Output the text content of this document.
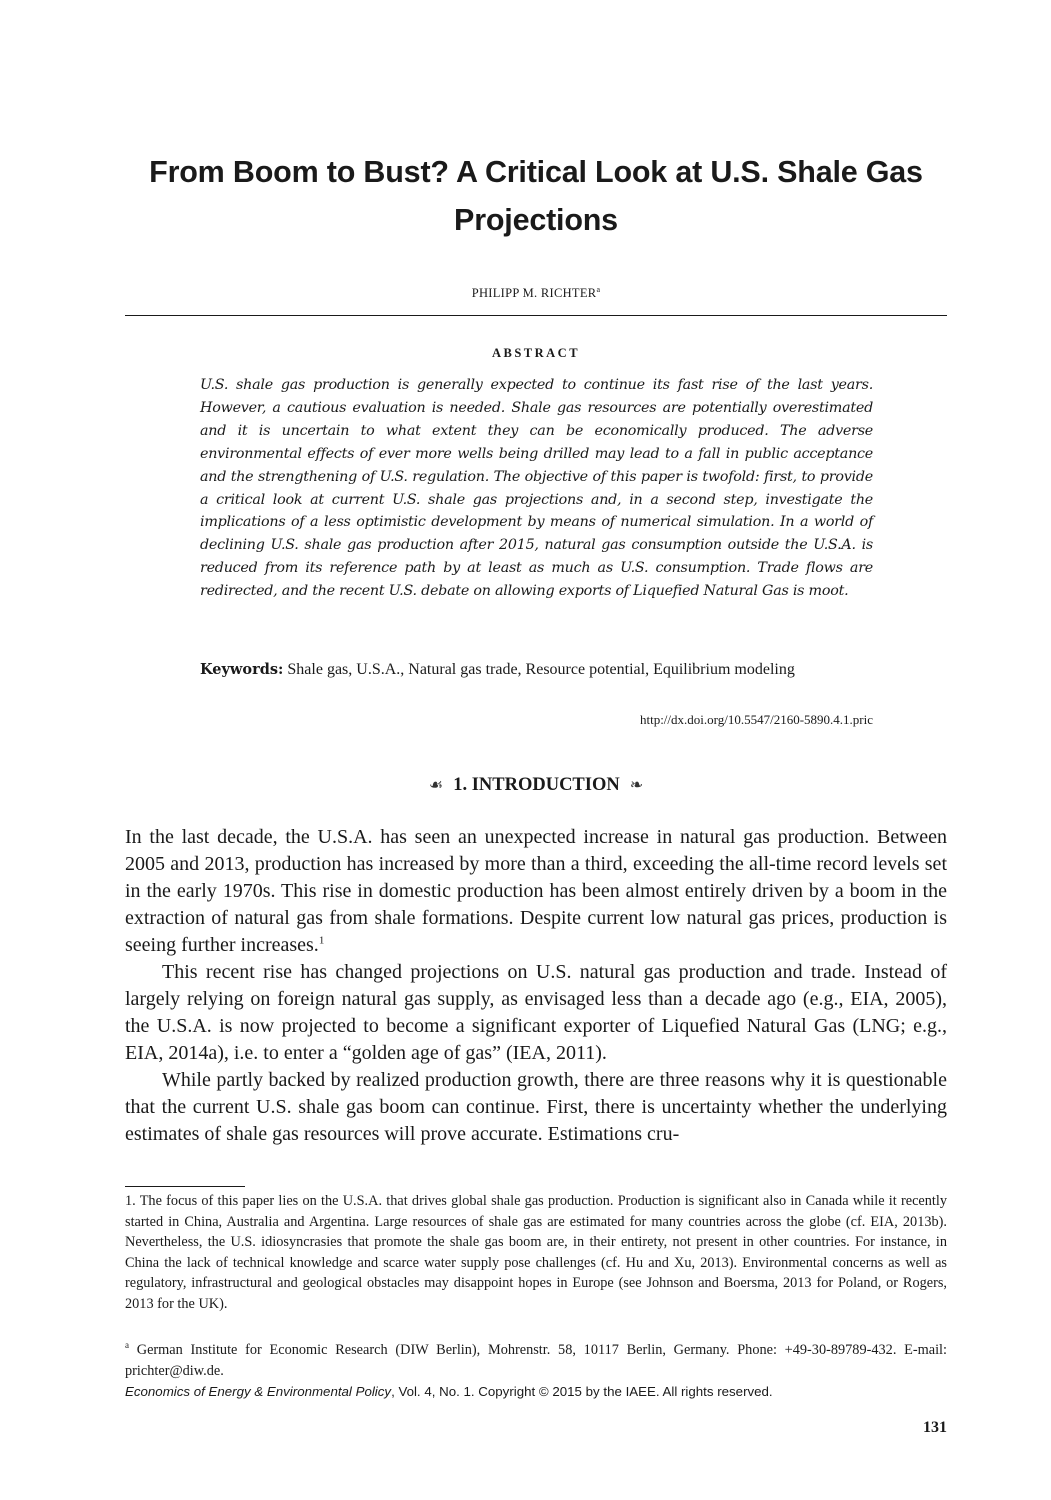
From Boom to Bust? A Critical Look at U.S. Shale Gas Projections
PHILIPP M. RICHTER$^a$
ABSTRACT

U.S. shale gas production is generally expected to continue its fast rise of the last years. However, a cautious evaluation is needed. Shale gas resources are potentially overestimated and it is uncertain to what extent they can be economically produced. The adverse environmental effects of ever more wells being drilled may lead to a fall in public acceptance and the strengthening of U.S. regulation. The objective of this paper is twofold: first, to provide a critical look at current U.S. shale gas projections and, in a second step, investigate the implications of a less optimistic development by means of numerical simulation. In a world of declining U.S. shale gas production after 2015, natural gas consumption outside the U.S.A. is reduced from its reference path by at least as much as U.S. consumption. Trade flows are redirected, and the recent U.S. debate on allowing exports of Liquefied Natural Gas is moot.

Keywords: Shale gas, U.S.A., Natural gas trade, Resource potential, Equilibrium modeling

http://dx.doi.org/10.5547/2160-5890.4.1.pric
☙ 1. INTRODUCTION ❧

In the last decade, the U.S.A. has seen an unexpected increase in natural gas production. Between 2005 and 2013, production has increased by more than a third, exceeding the all-time record levels set in the early 1970s. This rise in domestic production has been almost entirely driven by a boom in the extraction of natural gas from shale formations. Despite current low natural gas prices, production is seeing further increases.$^1$

This recent rise has changed projections on U.S. natural gas production and trade. Instead of largely relying on foreign natural gas supply, as envisaged less than a decade ago (e.g., EIA, 2005), the U.S.A. is now projected to become a significant exporter of Liquefied Natural Gas (LNG; e.g., EIA, 2014a), i.e. to enter a “golden age of gas” (IEA, 2011).

While partly backed by realized production growth, there are three reasons why it is questionable that the current U.S. shale gas boom can continue. First, there is uncertainty whether the underlying estimates of shale gas resources will prove accurate. Estimations cru-

1. The focus of this paper lies on the U.S.A. that drives global shale gas production. Production is significant also in Canada while it recently started in China, Australia and Argentina. Large resources of shale gas are estimated for many countries across the globe (cf. EIA, 2013b). Nevertheless, the U.S. idiosyncrasies that promote the shale gas boom are, in their entirety, not present in other countries. For instance, in China the lack of technical knowledge and scarce water supply pose challenges (cf. Hu and Xu, 2013). Environmental concerns as well as regulatory, infrastructural and geological obstacles may disappoint hopes in Europe (see Johnson and Boersma, 2013 for Poland, or Rogers, 2013 for the UK).

$^a$ German Institute for Economic Research (DIW Berlin), Mohrenstr. 58, 10117 Berlin, Germany. Phone: +49-30-89789-432. E-mail: prichter@diw.de.

Economics of Energy & Environmental Policy, Vol. 4, No. 1. Copyright © 2015 by the IAEE. All rights reserved.

131
